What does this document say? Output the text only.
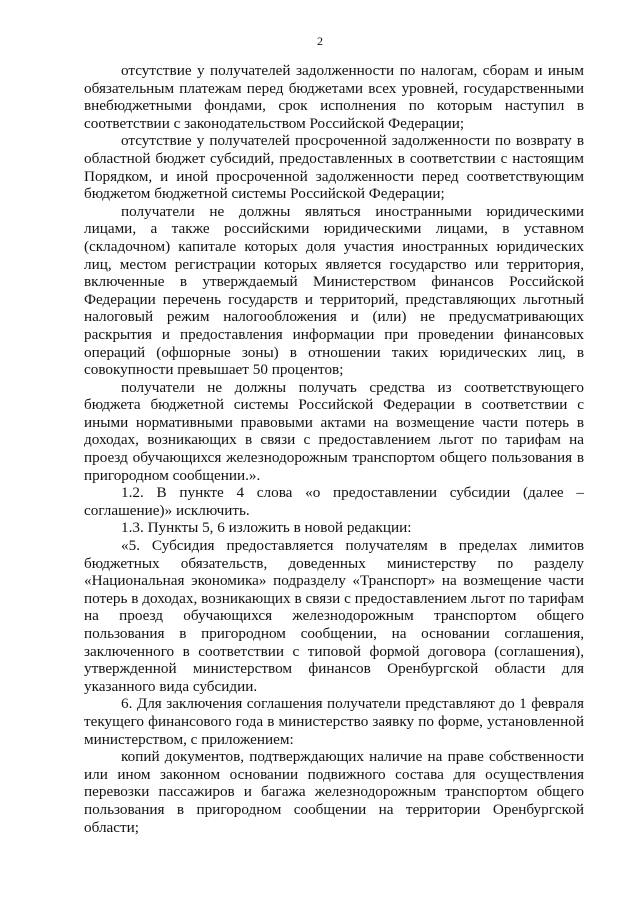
2

отсутствие у получателей задолженности по налогам, сборам и иным обязательным платежам перед бюджетами всех уровней, государственными внебюджетными фондами, срок исполнения по которым наступил в соответствии с законодательством Российской Федерации;

отсутствие у получателей просроченной задолженности по возврату в областной бюджет субсидий, предоставленных в соответствии с настоящим Порядком, и иной просроченной задолженности перед соответствующим бюджетом бюджетной системы Российской Федерации;

получатели не должны являться иностранными юридическими лицами, а также российскими юридическими лицами, в уставном (складочном) капитале которых доля участия иностранных юридических лиц, местом регистрации которых является государство или территория, включенные в утверждаемый Министерством финансов Российской Федерации перечень государств и территорий, представляющих льготный налоговый режим налогообложения и (или) не предусматривающих раскрытия и предоставления информации при проведении финансовых операций (офшорные зоны) в отношении таких юридических лиц, в совокупности превышает 50 процентов;

получатели не должны получать средства из соответствующего бюджета бюджетной системы Российской Федерации в соответствии с иными нормативными правовыми актами на возмещение части потерь в доходах, возникающих в связи с предоставлением льгот по тарифам на проезд обучающихся железнодорожным транспортом общего пользования в пригородном сообщении.».

1.2. В пункте 4 слова «о предоставлении субсидии (далее – соглашение)» исключить.

1.3. Пункты 5, 6 изложить в новой редакции:

«5. Субсидия предоставляется получателям в пределах лимитов бюджетных обязательств, доведенных министерству по разделу «Национальная экономика» подразделу «Транспорт» на возмещение части потерь в доходах, возникающих в связи с предоставлением льгот по тарифам на проезд обучающихся железнодорожным транспортом общего пользования в пригородном сообщении, на основании соглашения, заключенного в соответствии с типовой формой договора (соглашения), утвержденной министерством финансов Оренбургской области для указанного вида субсидии.

6. Для заключения соглашения получатели представляют до 1 февраля текущего финансового года в министерство заявку по форме, установленной министерством, с приложением:

копий документов, подтверждающих наличие на праве собственности или ином законном основании подвижного состава для осуществления перевозки пассажиров и багажа железнодорожным транспортом общего пользования в пригородном сообщении на территории Оренбургской области;
